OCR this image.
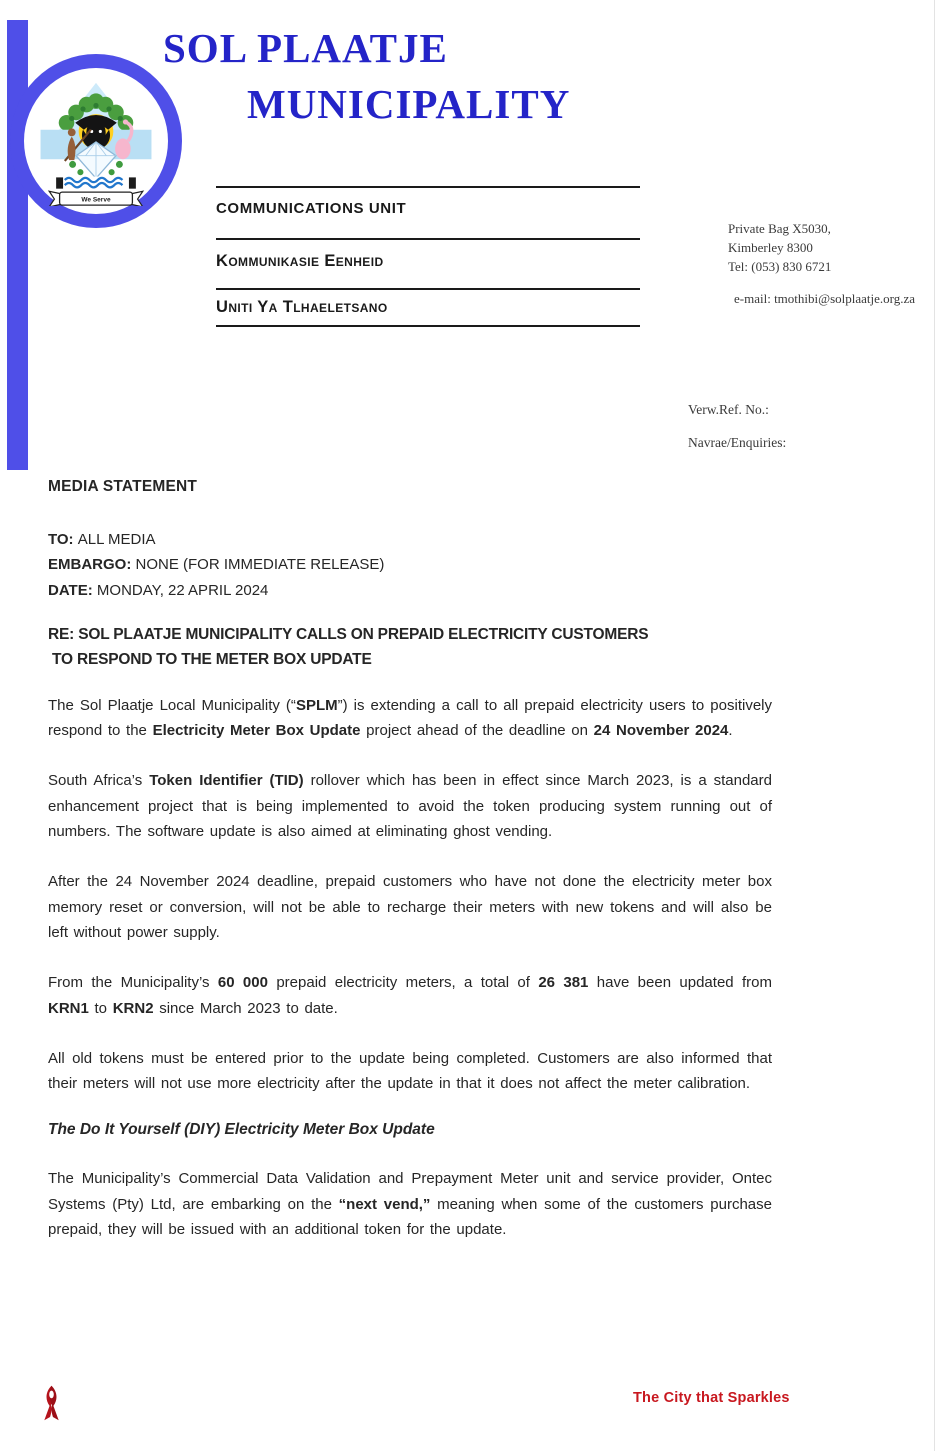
We Serve
SOL PLAATJE
MUNICIPALITY
COMMUNICATIONS UNIT
Kommunikasie Eenheid
Uniti Ya Tlhaeletsano
Private Bag X5030,
Kimberley 8300
Tel: (053) 830 6721
e-mail: tmothibi@solplaatje.org.za
Verw.Ref. No.:
Navrae/Enquiries:
MEDIA STATEMENT
TO: ALL MEDIA
EMBARGO: NONE (FOR IMMEDIATE RELEASE)
DATE: MONDAY, 22 APRIL 2024
RE: SOL PLAATJE MUNICIPALITY CALLS ON PREPAID ELECTRICITY CUSTOMERS
TO RESPOND TO THE METER BOX UPDATE

The Sol Plaatje Local Municipality (“SPLM”) is extending a call to all prepaid electricity users to positively respond to the Electricity Meter Box Update project ahead of the deadline on 24 November 2024.

South Africa’s Token Identifier (TID) rollover which has been in effect since March 2023, is a standard enhancement project that is being implemented to avoid the token producing system running out of numbers. The software update is also aimed at eliminating ghost vending.

After the 24 November 2024 deadline, prepaid customers who have not done the electricity meter box memory reset or conversion, will not be able to recharge their meters with new tokens and will also be left without power supply.

From the Municipality’s 60 000 prepaid electricity meters, a total of 26 381 have been updated from KRN1 to KRN2 since March 2023 to date.

All old tokens must be entered prior to the update being completed. Customers are also informed that their meters will not use more electricity after the update in that it does not affect the meter calibration.

The Do It Yourself (DIY) Electricity Meter Box Update

The Municipality’s Commercial Data Validation and Prepayment Meter unit and service provider, Ontec Systems (Pty) Ltd, are embarking on the “next vend,” meaning when some of the customers purchase prepaid, they will be issued with an additional token for the update.

The City that Sparkles
